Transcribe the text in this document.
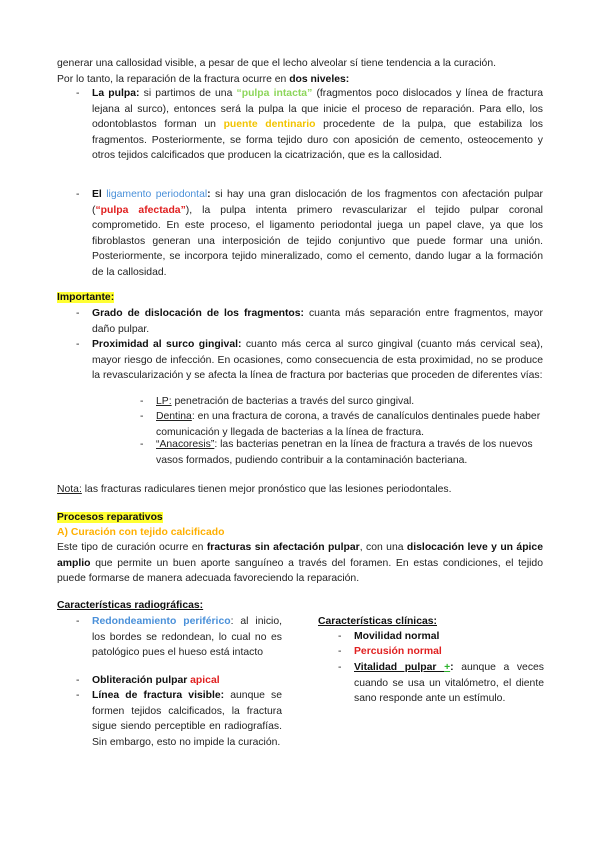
generar una callosidad visible, a pesar de que el lecho alveolar sí tiene tendencia a la curación.
Por lo tanto, la reparación de la fractura ocurre en dos niveles:
-	La pulpa: si partimos de una “pulpa intacta” (fragmentos poco dislocados y línea de fractura lejana al surco), entonces será la pulpa la que inicie el proceso de reparación. Para ello, los odontoblastos forman un puente dentinario procedente de la pulpa, que estabiliza los fragmentos. Posteriormente, se forma tejido duro con aposición de cemento, osteocemento y otros tejidos calcificados que producen la cicatrización, que es la callosidad.
-	El ligamento periodontal: si hay una gran dislocación de los fragmentos con afectación pulpar (“pulpa afectada”), la pulpa intenta primero revascularizar el tejido pulpar coronal comprometido. En este proceso, el ligamento periodontal juega un papel clave, ya que los fibroblastos generan una interposición de tejido conjuntivo que puede formar una unión. Posteriormente, se incorpora tejido mineralizado, como el cemento, dando lugar a la formación de la callosidad.
Importante:
-	Grado de dislocación de los fragmentos: cuanta más separación entre fragmentos, mayor daño pulpar.
-	Proximidad al surco gingival: cuanto más cerca al surco gingival (cuanto más cervical sea), mayor riesgo de infección. En ocasiones, como consecuencia de esta proximidad, no se produce la revascularización y se afecta la línea de fractura por bacterias que proceden de diferentes vías:
-	LP: penetración de bacterias a través del surco gingival.
-	Dentina: en una fractura de corona, a través de canalículos dentinales puede haber comunicación y llegada de bacterias a la línea de fractura.
-	“Anacoresis”: las bacterias penetran en la línea de fractura a través de los nuevos vasos formados, pudiendo contribuir a la contaminación bacteriana.
Nota: las fracturas radiculares tienen mejor pronóstico que las lesiones periodontales.
Procesos reparativos
A) Curación con tejido calcificado
Este tipo de curación ocurre en fracturas sin afectación pulpar, con una dislocación leve y un ápice amplio que permite un buen aporte sanguíneo a través del foramen. En estas condiciones, el tejido puede formarse de manera adecuada favoreciendo la reparación.
Características radiográficas:
-	Redondeamiento periférico: al inicio, los bordes se redondean, lo cual no es patológico pues el hueso está intacto
-	Obliteración pulpar apical
-	Línea de fractura visible: aunque se formen tejidos calcificados, la fractura sigue siendo perceptible en radiografías. Sin embargo, esto no impide la curación.
Características clínicas:
-	Movilidad normal
-	Percusión normal
-	Vitalidad pulpar +: aunque a veces cuando se usa un vitalómetro, el diente sano responde ante un estímulo.
